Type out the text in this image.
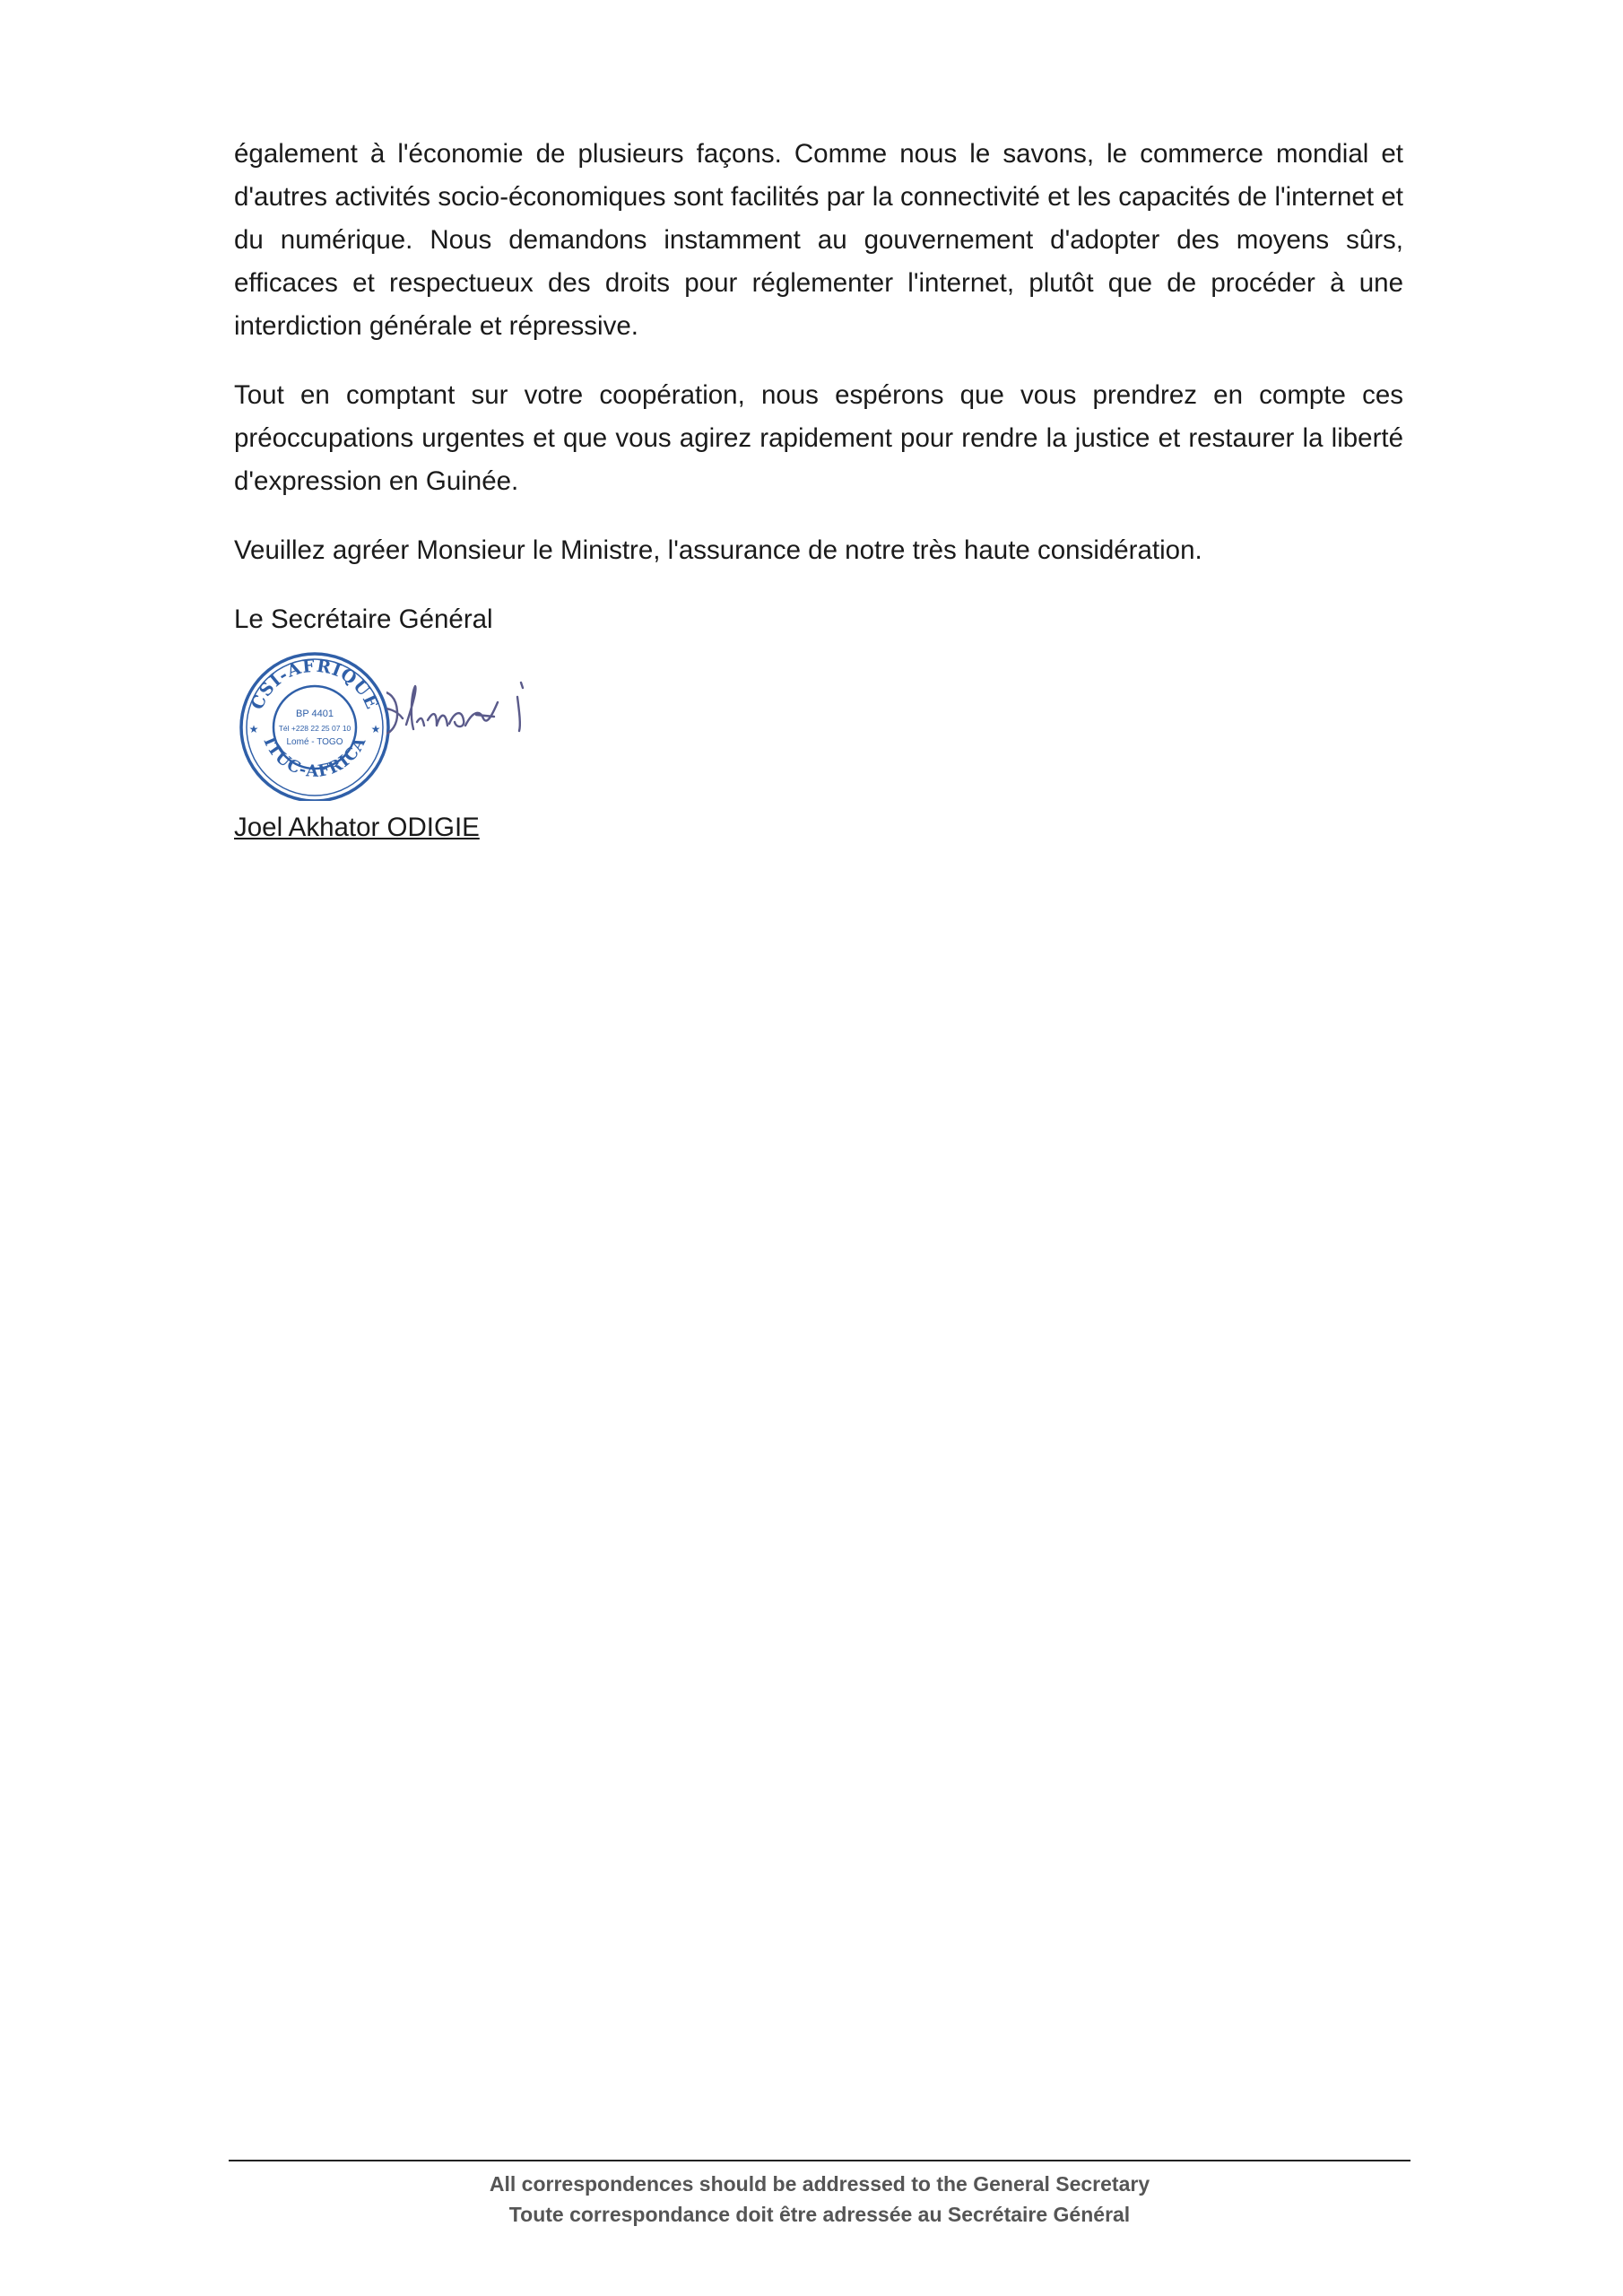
également à l'économie de plusieurs façons. Comme nous le savons, le commerce mondial et d'autres activités socio-économiques sont facilités par la connectivité et les capacités de l'internet et du numérique. Nous demandons instamment au gouvernement d'adopter des moyens sûrs, efficaces et respectueux des droits pour réglementer l'internet, plutôt que de procéder à une interdiction générale et répressive.

Tout en comptant sur votre coopération, nous espérons que vous prendrez en compte ces préoccupations urgentes et que vous agirez rapidement pour rendre la justice et restaurer la liberté d'expression en Guinée.

Veuillez agréer Monsieur le Ministre, l'assurance de notre très haute considération.

Le Secrétaire Général

CSI-AFRIQUE
ITUC-AFRICA
★	★
BP 4401
Tél +228 22 25 07 10
Lomé - TOGO
Joel Akhator ODIGIE
All correspondences should be addressed to the General Secretary
Toute correspondance doit être adressée au Secrétaire Général
